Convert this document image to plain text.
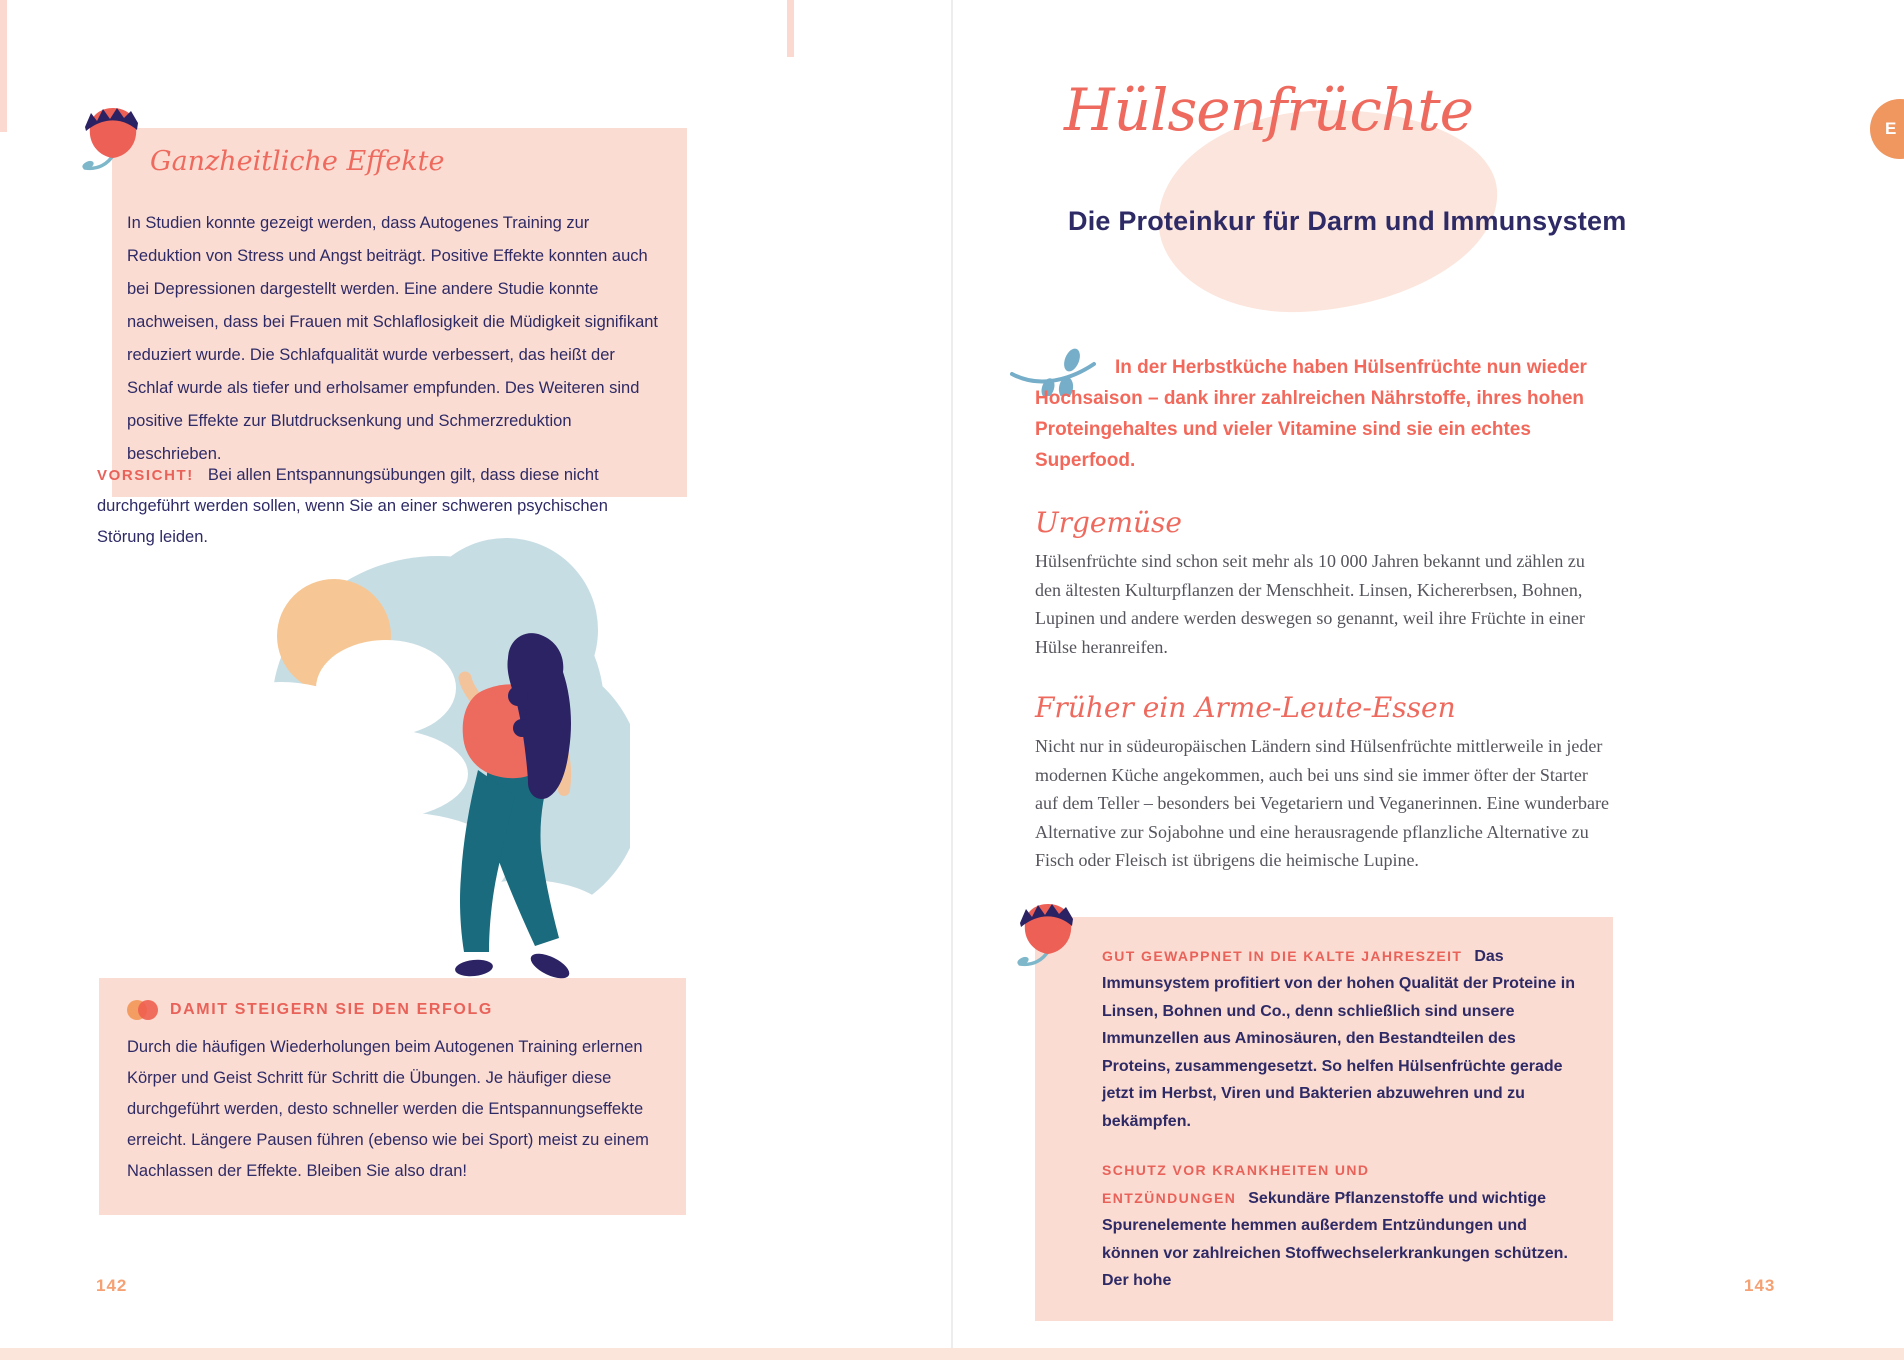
Ganzheitliche Effekte

In Studien konnte gezeigt werden, dass Autogenes Training zur Reduktion von Stress und Angst beiträgt. Positive Effekte konnten auch bei Depressionen dargestellt werden. Eine andere Studie konnte nachweisen, dass bei Frauen mit Schlaflosigkeit die Müdigkeit signifikant reduziert wurde. Die Schlafqualität wurde verbessert, das heißt der Schlaf wurde als tiefer und erholsamer empfunden. Des Weiteren sind positive Effekte zur Blutdrucksenkung und Schmerzreduktion beschrieben.

VORSICHT! Bei allen Entspannungsübungen gilt, dass diese nicht durchgeführt werden sollen, wenn Sie an einer schweren psychischen Störung leiden.

DAMIT STEIGERN SIE DEN ERFOLG

Durch die häufigen Wiederholungen beim Autogenen Training erlernen Körper und Geist Schritt für Schritt die Übungen. Je häufiger diese durchgeführt werden, desto schneller werden die Entspannungseffekte erreicht. Längere Pausen führen (ebenso wie bei Sport) meist zu einem Nachlassen der Effekte. Bleiben Sie also dran!

142
Hülsenfrüchte
Die Proteinkur für Darm und Immunsystem
E

In der Herbstküche haben Hülsenfrüchte nun wieder Hochsaison – dank ihrer zahlreichen Nährstoffe, ihres hohen Proteingehaltes und vieler Vitamine sind sie ein echtes Superfood.

Urgemüse

Hülsenfrüchte sind schon seit mehr als 10 000 Jahren bekannt und zählen zu den ältesten Kulturpflanzen der Menschheit. Linsen, Kichererbsen, Bohnen, Lupinen und andere werden deswegen so genannt, weil ihre Früchte in einer Hülse heranreifen.

Früher ein Arme-Leute-Essen

Nicht nur in südeuropäischen Ländern sind Hülsenfrüchte mittlerweile in jeder modernen Küche angekommen, auch bei uns sind sie immer öfter der Starter auf dem Teller – besonders bei Vegetariern und Veganerinnen. Eine wunderbare Alternative zur Sojabohne und eine herausragende pflanzliche Alternative zu Fisch oder Fleisch ist übrigens die heimische Lupine.

GUT GEWAPPNET IN DIE KALTE JAHRESZEIT Das Immunsystem profitiert von der hohen Qualität der Proteine in Linsen, Bohnen und Co., denn schließlich sind unsere Immunzellen aus Aminosäuren, den Bestandteilen des Proteins, zusammengesetzt. So helfen Hülsenfrüchte gerade jetzt im Herbst, Viren und Bakterien abzuwehren und zu bekämpfen.

SCHUTZ VOR KRANKHEITEN UND ENTZÜNDUNGEN Sekundäre Pflanzenstoffe und wichtige Spurenelemente hemmen außerdem Entzündungen und können vor zahlreichen Stoffwechselerkrankungen schützen. Der hohe	143
